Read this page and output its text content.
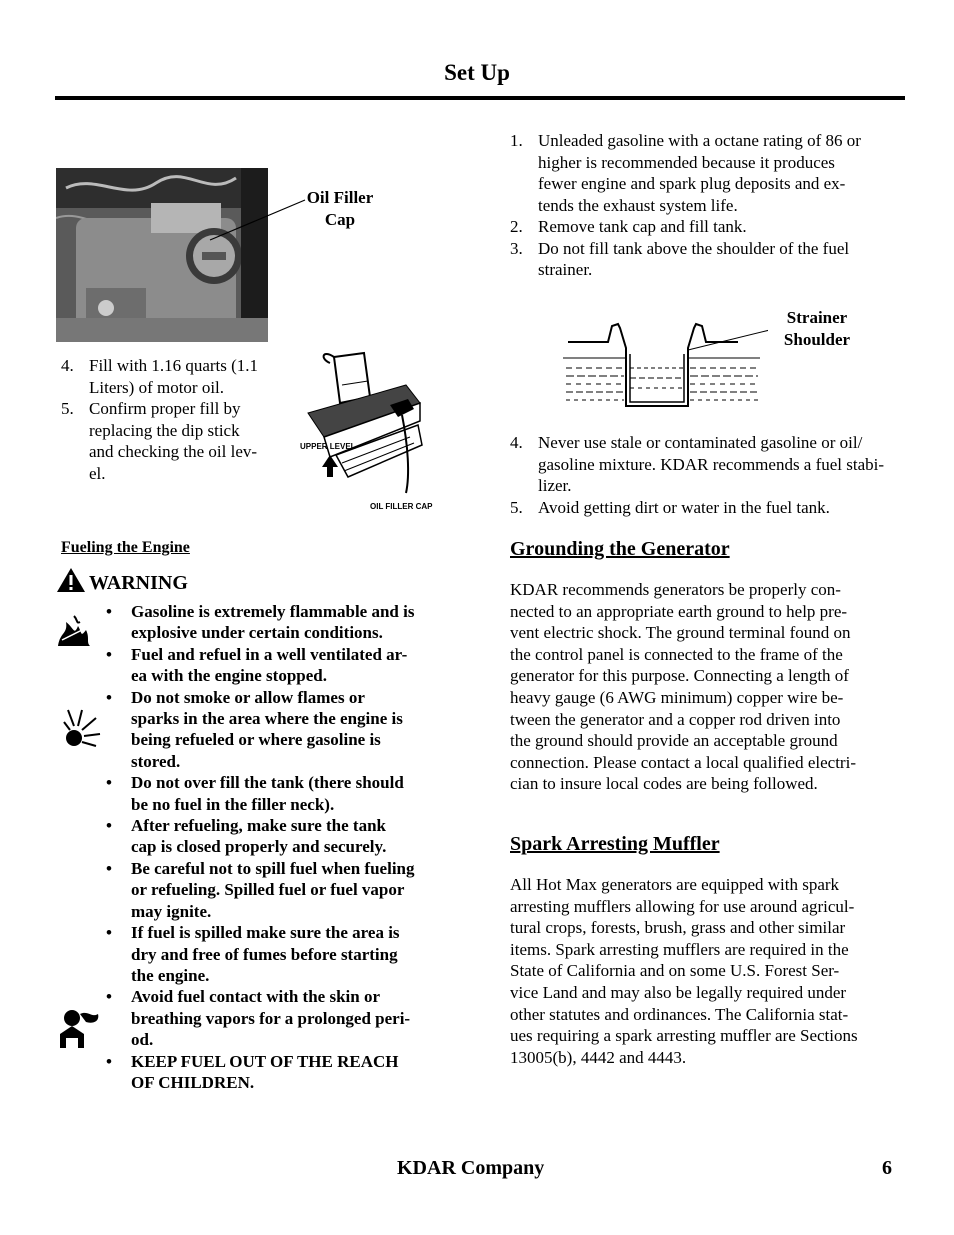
Set Up
Oil Filler
Cap
4. Fill with 1.16 quarts (1.1
Liters) of motor oil.
5. Confirm proper fill by
replacing the dip stick
and checking the oil lev-
el.
UPPER LEVEL
OIL FILLER CAP
Fueling the Engine
WARNING
• Gasoline is extremely flammable and is
explosive under certain conditions.
• Fuel and refuel in a well ventilated ar-
ea with the engine stopped.
• Do not smoke or allow flames or
sparks in the area where the engine is
being refueled or where gasoline is
stored.
• Do not over fill the tank (there should
be no fuel in the filler neck).
• After refueling, make sure the tank
cap is closed properly and securely.
• Be careful not to spill fuel when fueling
or refueling. Spilled fuel or fuel vapor
may ignite.
• If fuel is spilled make sure the area is
dry and free of fumes before starting
the engine.
• Avoid fuel contact with the skin or
breathing vapors for a prolonged peri-
od.
• KEEP FUEL OUT OF THE REACH
OF CHILDREN.
1. Unleaded gasoline with a octane rating of 86 or
higher is recommended because it produces
fewer engine and spark plug deposits and ex-
tends the exhaust system life.
2. Remove tank cap and fill tank.
3. Do not fill tank above the shoulder of the fuel
strainer.
Strainer
Shoulder
4. Never use stale or contaminated gasoline or oil/
gasoline mixture. KDAR recommends a fuel stabi-
lizer.
5. Avoid getting dirt or water in the fuel tank.
Grounding the Generator
KDAR recommends generators be properly con-
nected to an appropriate earth ground to help pre-
vent electric shock. The ground terminal found on
the control panel is connected to the frame of the
generator for this purpose. Connecting a length of
heavy gauge (6 AWG minimum) copper wire be-
tween the generator and a copper rod driven into
the ground should provide an acceptable ground
connection. Please contact a local qualified electri-
cian to insure local codes are being followed.
Spark Arresting Muffler
All Hot Max generators are equipped with spark
arresting mufflers allowing for use around agricul-
tural crops, forests, brush, grass and other similar
items. Spark arresting mufflers are required in the
State of California and on some U.S. Forest Ser-
vice Land and may also be legally required under
other statutes and ordinances. The California stat-
ues requiring a spark arresting muffler are Sections
13005(b), 4442 and 4443.
KDAR Company	6
